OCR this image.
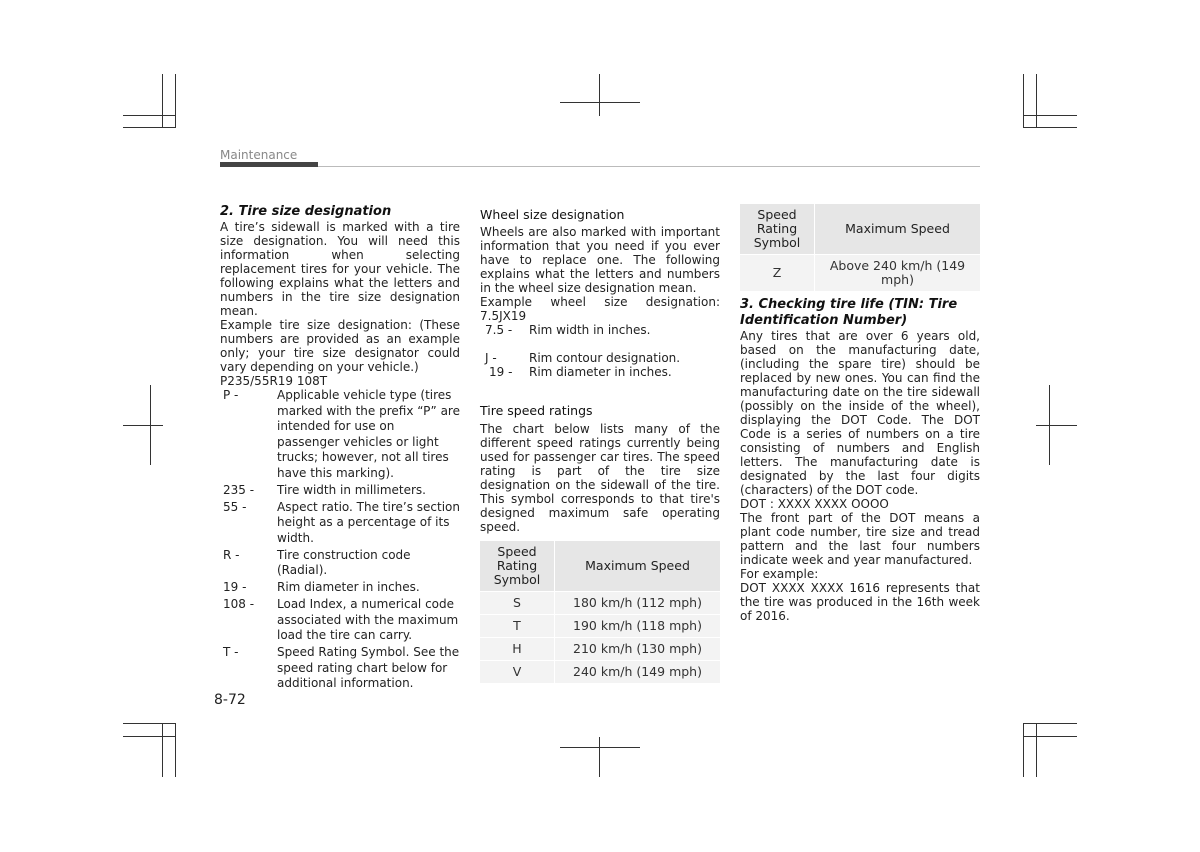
Maintenance
2. Tire size designation

A tire’s sidewall is marked with a tire size designation. You will need this information when selecting replacement tires for your vehicle. The following explains what the letters and numbers in the tire size designation mean.

Example tire size designation: (These numbers are provided as an example only; your tire size designator could vary depending on your vehicle.)

P235/55R19 108T

P -	Applicable vehicle type (tires marked with the prefix “P” are intended for use on passenger vehicles or light trucks; however, not all tires have this marking).
235 -	Tire width in millimeters.
55 -	Aspect ratio. The tire’s section height as a percentage of its width.
R -	Tire construction code (Radial).
19 -	Rim diameter in inches.
108 -	Load Index, a numerical code associated with the maximum load the tire can carry.
T -	Speed Rating Symbol. See the speed rating chart below for additional information.
Wheel size designation

Wheels are also marked with important information that you need if you ever have to replace one. The following explains what the letters and numbers in the wheel size designation mean.

Example wheel size designation:

7.5JX19

7.5 -	Rim width in inches.
J -	Rim contour designation.
19 -	Rim diameter in inches.
Tire speed ratings

The chart below lists many of the different speed ratings currently being used for passenger car tires. The speed rating is part of the tire size designation on the sidewall of the tire. This symbol corresponds to that tire's designed maximum safe operating speed.

Speed Rating Symbol	Maximum Speed
S	180 km/h (112 mph)
T	190 km/h (118 mph)
H	210 km/h (130 mph)
V	240 km/h (149 mph)
Speed Rating Symbol	Maximum Speed
Z	Above 240 km/h (149 mph)
3. Checking tire life (TIN: Tire Identification Number)

Any tires that are over 6 years old, based on the manufacturing date, (including the spare tire) should be replaced by new ones. You can find the manufacturing date on the tire sidewall (possibly on the inside of the wheel), displaying the DOT Code. The DOT Code is a series of numbers on a tire consisting of numbers and English letters. The manufacturing date is designated by the last four digits (characters) of the DOT code.

DOT : XXXX XXXX OOOO

The front part of the DOT means a plant code number, tire size and tread pattern and the last four numbers indicate week and year manufactured.

For example:

DOT XXXX XXXX 1616 represents that the tire was produced in the 16th week of 2016.

8-72
